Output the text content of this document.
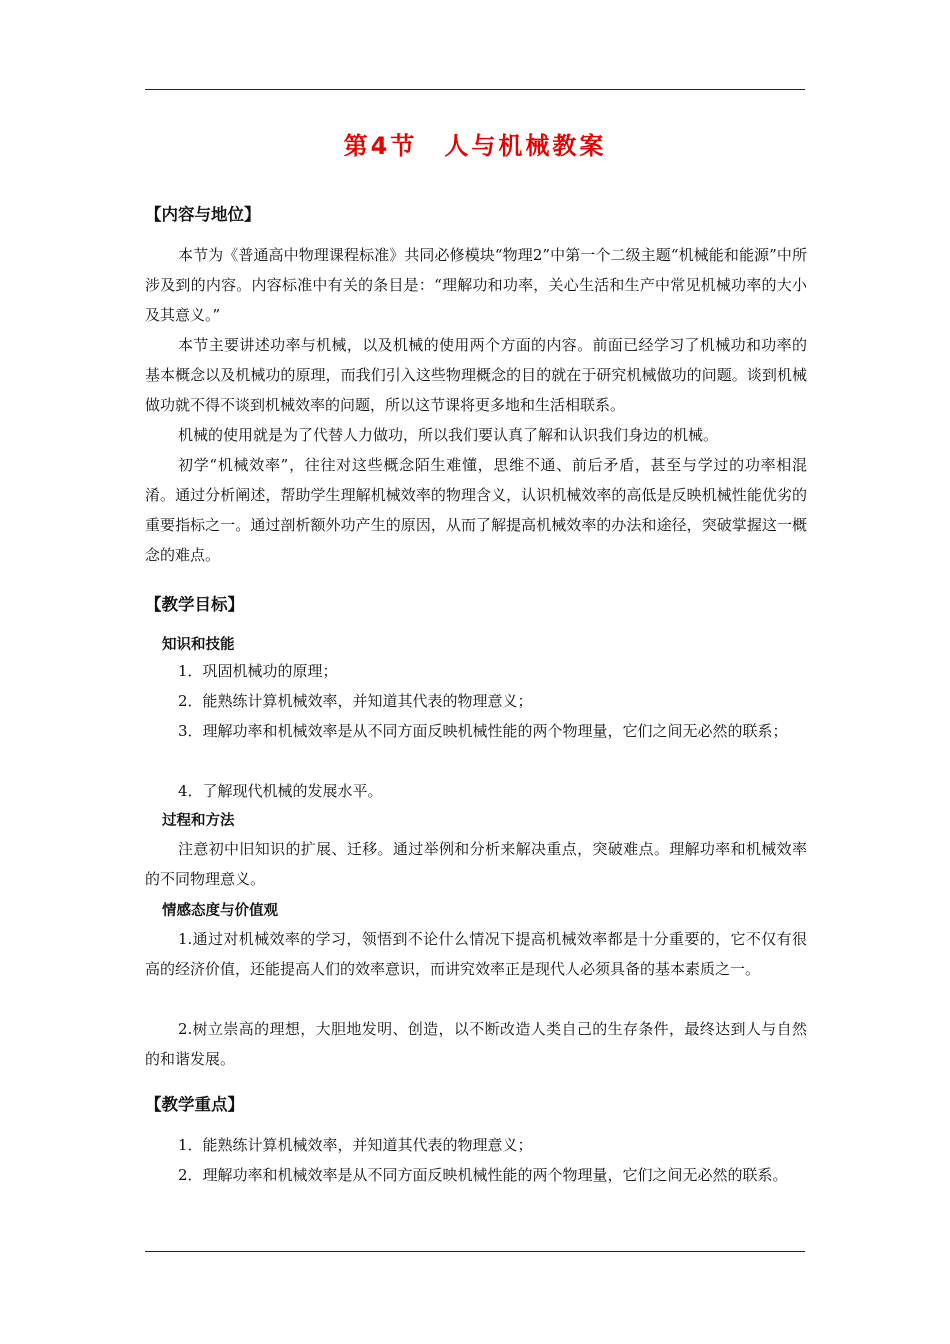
第4节　人与机械教案
【内容与地位】

本节为《普通高中物理课程标准》共同必修模块“物理2”中第一个二级主题“机械能和能源”中所涉及到的内容。内容标准中有关的条目是：“理解功和功率，关心生活和生产中常见机械功率的大小及其意义。”

本节主要讲述功率与机械，以及机械的使用两个方面的内容。前面已经学习了机械功和功率的基本概念以及机械功的原理，而我们引入这些物理概念的目的就在于研究机械做功的问题。谈到机械做功就不得不谈到机械效率的问题，所以这节课将更多地和生活相联系。

机械的使用就是为了代替人力做功，所以我们要认真了解和认识我们身边的机械。

初学“机械效率”，往往对这些概念陌生难懂，思维不通、前后矛盾，甚至与学过的功率相混淆。通过分析阐述，帮助学生理解机械效率的物理含义，认识机械效率的高低是反映机械性能优劣的重要指标之一。通过剖析额外功产生的原因，从而了解提高机械效率的办法和途径，突破掌握这一概念的难点。

【教学目标】
知识和技能

1．巩固机械功的原理；

2．能熟练计算机械效率，并知道其代表的物理意义；

3．理解功率和机械效率是从不同方面反映机械性能的两个物理量，它们之间无必然的联系；

4．了解现代机械的发展水平。

过程和方法

注意初中旧知识的扩展、迁移。通过举例和分析来解决重点，突破难点。理解功率和机械效率的不同物理意义。

情感态度与价值观

1.通过对机械效率的学习，领悟到不论什么情况下提高机械效率都是十分重要的，它不仅有很高的经济价值，还能提高人们的效率意识，而讲究效率正是现代人必须具备的基本素质之一。

2.树立崇高的理想，大胆地发明、创造，以不断改造人类自己的生存条件，最终达到人与自然的和谐发展。

【教学重点】

1．能熟练计算机械效率，并知道其代表的物理意义；

2．理解功率和机械效率是从不同方面反映机械性能的两个物理量，它们之间无必然的联系。
